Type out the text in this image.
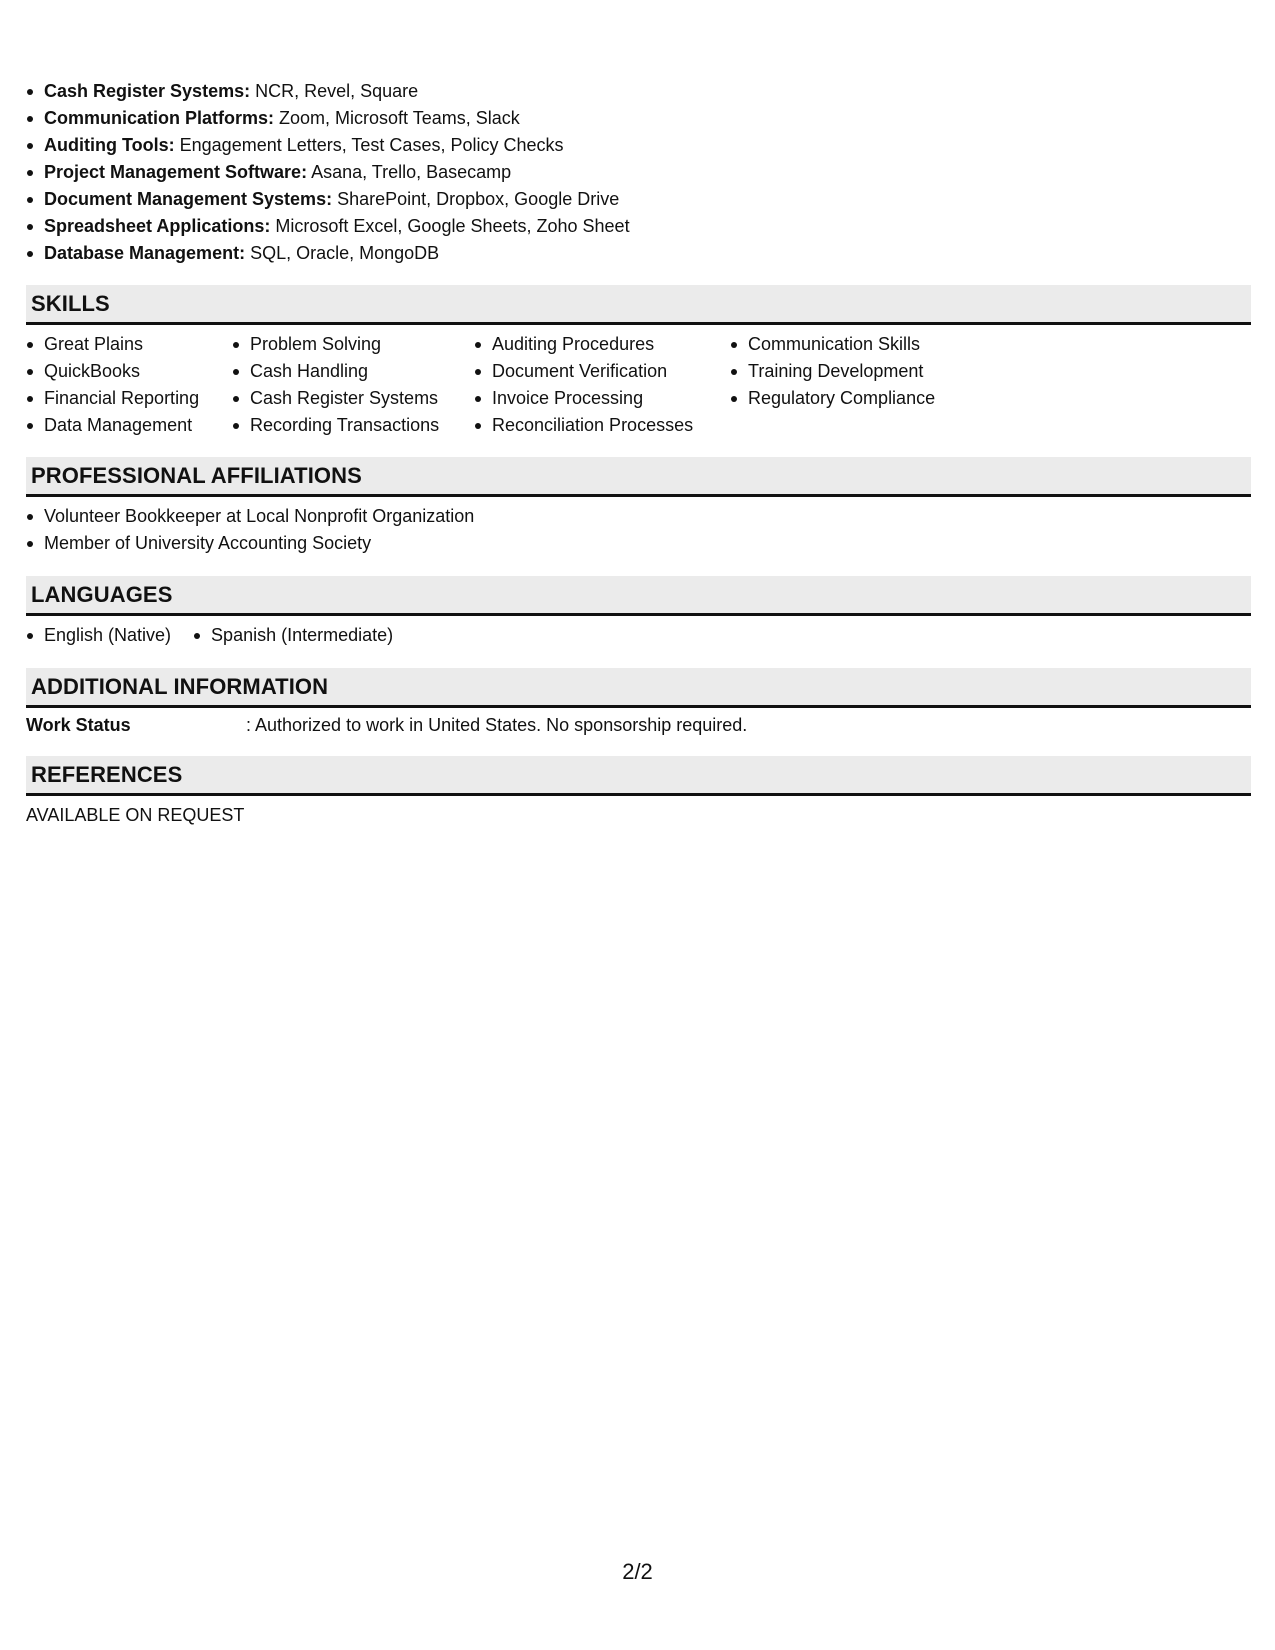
Cash Register Systems: NCR, Revel, Square
Communication Platforms: Zoom, Microsoft Teams, Slack
Auditing Tools: Engagement Letters, Test Cases, Policy Checks
Project Management Software: Asana, Trello, Basecamp
Document Management Systems: SharePoint, Dropbox, Google Drive
Spreadsheet Applications: Microsoft Excel, Google Sheets, Zoho Sheet
Database Management: SQL, Oracle, MongoDB
SKILLS
Great Plains
QuickBooks
Financial Reporting
Data Management
Problem Solving
Cash Handling
Cash Register Systems
Recording Transactions
Auditing Procedures
Document Verification
Invoice Processing
Reconciliation Processes
Communication Skills
Training Development
Regulatory Compliance
PROFESSIONAL AFFILIATIONS
Volunteer Bookkeeper at Local Nonprofit Organization
Member of University Accounting Society
LANGUAGES
English (Native)	Spanish (Intermediate)
ADDITIONAL INFORMATION
Work Status	: Authorized to work in United States. No sponsorship required.
REFERENCES
AVAILABLE ON REQUEST
2/2
